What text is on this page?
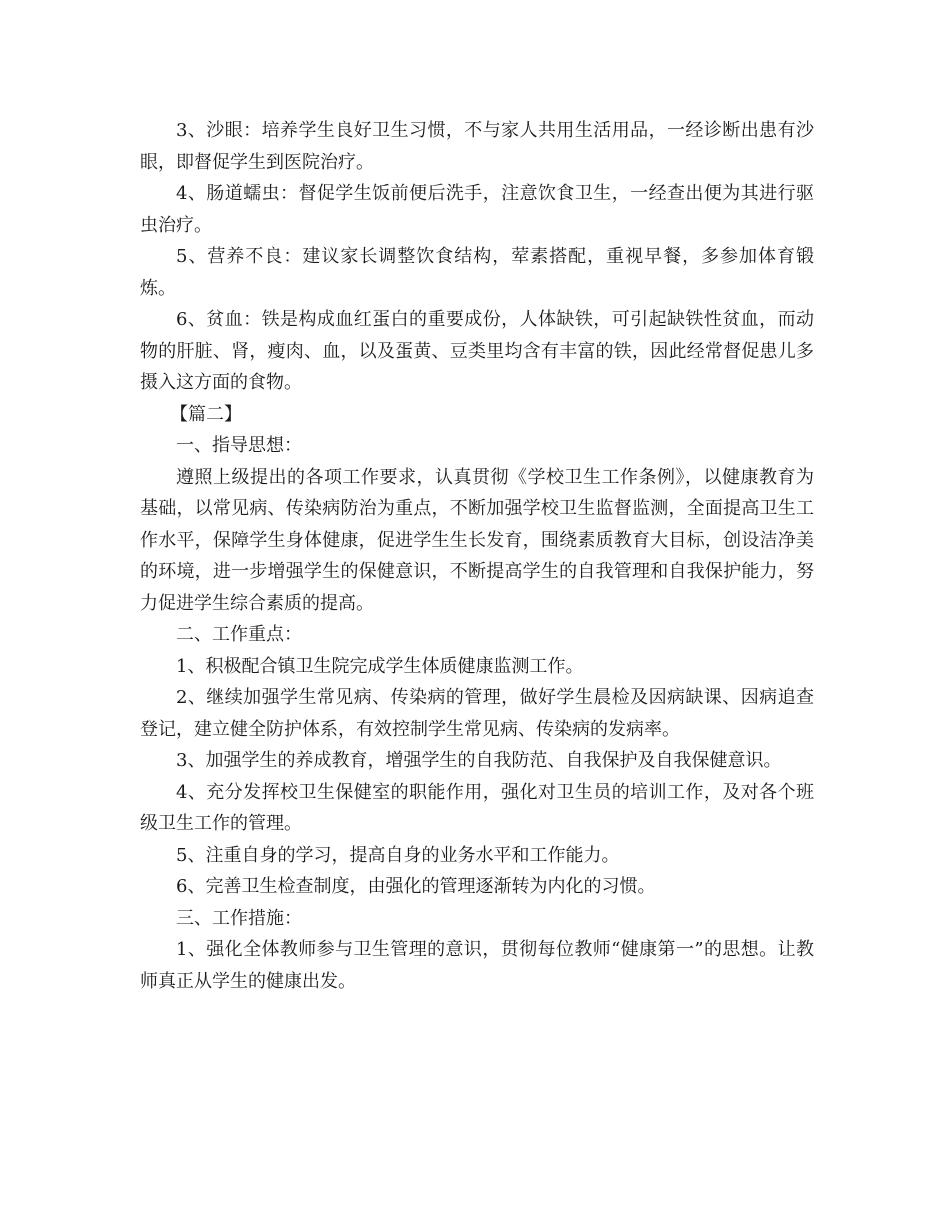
3、沙眼：培养学生良好卫生习惯，不与家人共用生活用品，一经诊断出患有沙眼，即督促学生到医院治疗。

4、肠道蠕虫：督促学生饭前便后洗手，注意饮食卫生，一经查出便为其进行驱虫治疗。

5、营养不良：建议家长调整饮食结构，荤素搭配，重视早餐，多参加体育锻炼。

6、贫血：铁是构成血红蛋白的重要成份，人体缺铁，可引起缺铁性贫血，而动物的肝脏、肾，瘦肉、血，以及蛋黄、豆类里均含有丰富的铁，因此经常督促患儿多摄入这方面的食物。

【篇二】

一、指导思想：

遵照上级提出的各项工作要求，认真贯彻《学校卫生工作条例》，以健康教育为基础，以常见病、传染病防治为重点，不断加强学校卫生监督监测，全面提高卫生工作水平，保障学生身体健康，促进学生生长发育，围绕素质教育大目标，创设洁净美的环境，进一步增强学生的保健意识，不断提高学生的自我管理和自我保护能力，努力促进学生综合素质的提高。

二、工作重点：

1、积极配合镇卫生院完成学生体质健康监测工作。

2、继续加强学生常见病、传染病的管理，做好学生晨检及因病缺课、因病追查登记，建立健全防护体系，有效控制学生常见病、传染病的发病率。

3、加强学生的养成教育，增强学生的自我防范、自我保护及自我保健意识。

4、充分发挥校卫生保健室的职能作用，强化对卫生员的培训工作，及对各个班级卫生工作的管理。

5、注重自身的学习，提高自身的业务水平和工作能力。

6、完善卫生检查制度，由强化的管理逐渐转为内化的习惯。

三、工作措施：

1、强化全体教师参与卫生管理的意识，贯彻每位教师“健康第一”的思想。让教师真正从学生的健康出发。
